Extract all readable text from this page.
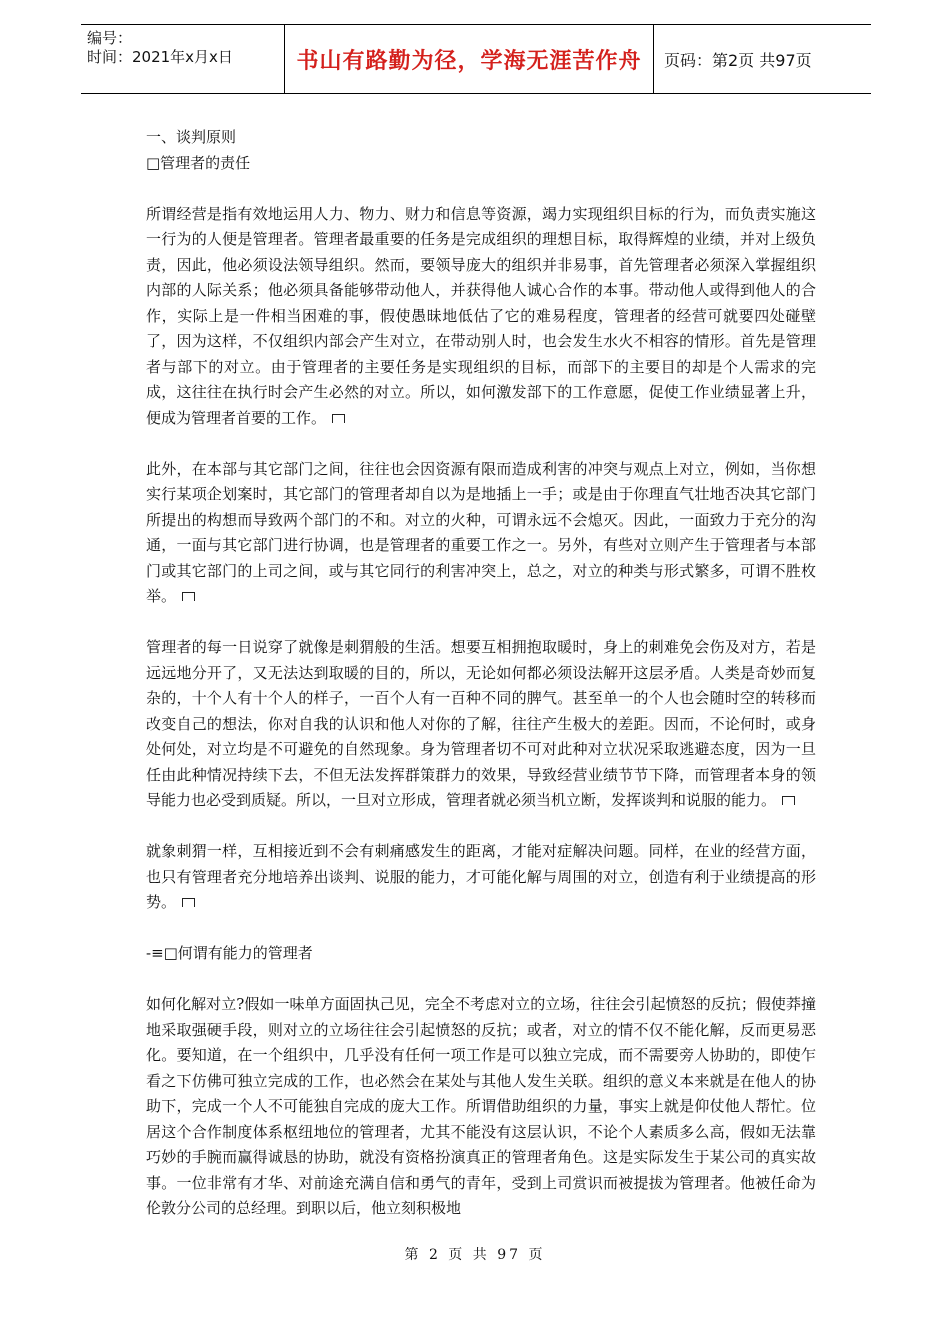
编号：
时间：2021年x月x日	书山有路勤为径，学海无涯苦作舟	页码：第2页 共97页

一、谈判原则

□管理者的责任

所谓经营是指有效地运用人力、物力、财力和信息等资源，竭力实现组织目标的行为，而负责实施这一行为的人便是管理者。管理者最重要的任务是完成组织的理想目标，取得辉煌的业绩，并对上级负责，因此，他必须设法领导组织。然而，要领导庞大的组织并非易事，首先管理者必须深入掌握组织内部的人际关系；他必须具备能够带动他人，并获得他人诚心合作的本事。带动他人或得到他人的合作，实际上是一件相当困难的事，假使愚昧地低估了它的难易程度，管理者的经营可就要四处碰壁了，因为这样，不仅组织内部会产生对立，在带动别人时，也会发生水火不相容的情形。首先是管理者与部下的对立。由于管理者的主要任务是实现组织的目标，而部下的主要目的却是个人需求的完成，这往往在执行时会产生必然的对立。所以，如何激发部下的工作意愿，促使工作业绩显著上升，便成为管理者首要的工作。

此外，在本部与其它部门之间，往往也会因资源有限而造成利害的冲突与观点上对立，例如，当你想实行某项企划案时，其它部门的管理者却自以为是地插上一手；或是由于你理直气壮地否决其它部门所提出的构想而导致两个部门的不和。对立的火种，可谓永远不会熄灭。因此，一面致力于充分的沟通，一面与其它部门进行协调，也是管理者的重要工作之一。另外，有些对立则产生于管理者与本部门或其它部门的上司之间，或与其它同行的利害冲突上，总之，对立的种类与形式繁多，可谓不胜枚举。

管理者的每一日说穿了就像是刺猬般的生活。想要互相拥抱取暖时，身上的刺难免会伤及对方，若是远远地分开了，又无法达到取暖的目的，所以，无论如何都必须设法解开这层矛盾。人类是奇妙而复杂的，十个人有十个人的样子，一百个人有一百种不同的脾气。甚至单一的个人也会随时空的转移而改变自己的想法，你对自我的认识和他人对你的了解，往往产生极大的差距。因而，不论何时，或身处何处，对立均是不可避免的自然现象。身为管理者切不可对此种对立状况采取逃避态度，因为一旦任由此种情况持续下去，不但无法发挥群策群力的效果，导致经营业绩节节下降，而管理者本身的领导能力也必受到质疑。所以，一旦对立形成，管理者就必须当机立断，发挥谈判和说服的能力。

就象刺猬一样，互相接近到不会有刺痛感发生的距离，才能对症解决问题。同样，在业的经营方面，也只有管理者充分地培养出谈判、说服的能力，才可能化解与周围的对立，创造有利于业绩提高的形势。

-≡□何谓有能力的管理者

如何化解对立?假如一味单方面固执己见，完全不考虑对立的立场，往往会引起愤怒的反抗；假使莽撞地采取强硬手段，则对立的立场往往会引起愤怒的反抗；或者，对立的情不仅不能化解，反而更易恶化。要知道，在一个组织中，几乎没有任何一项工作是可以独立完成，而不需要旁人协助的，即使乍看之下仿佛可独立完成的工作，也必然会在某处与其他人发生关联。组织的意义本来就是在他人的协助下，完成一个人不可能独自完成的庞大工作。所谓借助组织的力量，事实上就是仰仗他人帮忙。位居这个合作制度体系枢纽地位的管理者，尤其不能没有这层认识，不论个人素质多么高，假如无法靠巧妙的手腕而赢得诚恳的协助，就没有资格扮演真正的管理者角色。这是实际发生于某公司的真实故事。一位非常有才华、对前途充满自信和勇气的青年，受到上司赏识而被提拔为管理者。他被任命为伦敦分公司的总经理。到职以后，他立刻积极地

第 2 页 共 97 页
